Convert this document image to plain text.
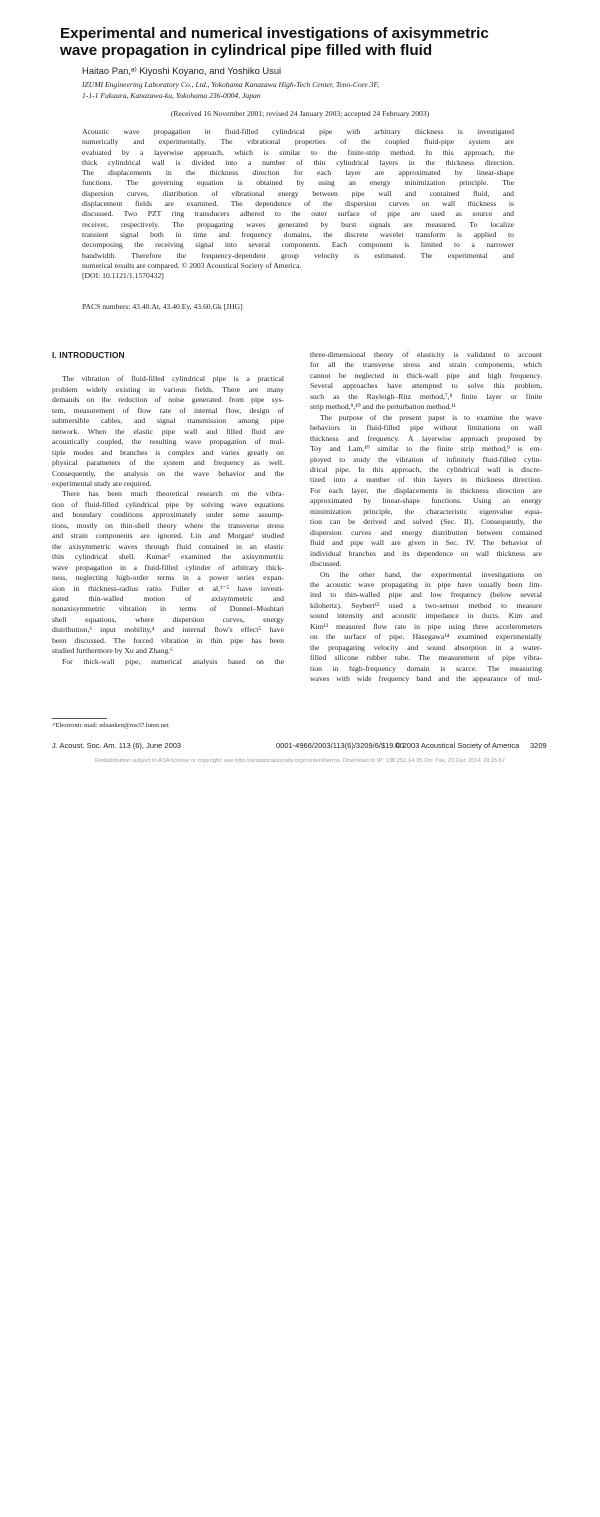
Experimental and numerical investigations of axisymmetric
wave propagation in cylindrical pipe filled with fluid
Haitao Pan,ᵃ⁾ Kiyoshi Koyano, and Yoshiko Usui
IZUMI Engineering Laboratory Co., Ltd., Yokohama Kanazawa High-Tech Center, Teno-Core 3F,
1-1-1 Fukuura, Kanazawa-ku, Yokohama 236-0004, Japan
(Received 16 November 2001; revised 24 January 2003; accepted 24 February 2003)
Acoustic wave propagation in fluid-filled cylindrical pipe with arbitrary thickness is investigated
numerically and experimentally. The vibrational properties of the coupled fluid-pipe system are
evaluated by a layerwise approach, which is similar to the finite-strip method. In this approach, the
thick cylindrical wall is divided into a number of thin cylindrical layers in the thickness direction.
The displacements in the thickness direction for each layer are approximated by linear-shape
functions. The governing equation is obtained by using an energy minimization principle. The
dispersion curves, distribution of vibrational energy between pipe wall and contained fluid, and
displacement fields are examined. The dependence of the dispersion curves on wall thickness is
discussed. Two PZT ring transducers adhered to the outer surface of pipe are used as source and
receiver, respectively. The propagating waves generated by burst signals are measured. To localize
transient signal both in time and frequency domains, the discrete wavelet transform is applied to
decomposing the receiving signal into several components. Each component is limited to a narrower
bandwidth. Therefore the frequency-dependent group velocity is estimated. The experimental and
numerical results are compared. © 2003 Acoustical Society of America.
[DOI: 10.1121/1.1570432]
PACS numbers: 43.40.At, 43.40.Ey, 43.60.Gk [JHG]
I. INTRODUCTION
The vibration of fluid-filled cylindrical pipe is a practical
problem widely existing in various fields. There are many
demands on the reduction of noise generated from pipe sys-
tem, measurement of flow rate of internal flow, design of
submersible cables, and signal transmission among pipe
network. When the elastic pipe wall and filled fluid are
acoustically coupled, the resulting wave propagation of mul-
tiple modes and branches is complex and varies greatly on
physical parameters of the system and frequency as well.
Consequently, the analysis on the wave behavior and the
experimental study are required.
There has been much theoretical research on the vibra-
tion of fluid-filled cylindrical pipe by solving wave equations
and boundary conditions approximately under some assump-
tions, mostly on thin-shell theory where the transverse stress
and strain components are ignored. Lin and Morgan¹ studied
the axisymmetric waves through fluid contained in an elastic
thin cylindrical shell. Kumar² examined the axisymmetric
wave propagation in a fluid-filled cylinder of arbitrary thick-
ness, neglecting high-order terms in a power series expan-
sion in thickness-radius ratio. Fuller et al.³⁻⁵ have investi-
gated thin-walled motion of axisymmetric and
nonaxisymmetric vibration in terms of Donnel–Mushtari
shell equations, where dispersion curves, energy
distribution,³ input mobility,⁴ and internal flow's effect⁵ have
been discussed. The forced vibration in thin pipe has been
studied furthermore by Xu and Zhang.⁶
For thick-wall pipe, numerical analysis based on the
three-dimensional theory of elasticity is validated to account
for all the transverse stress and strain components, which
cannot be neglected in thick-wall pipe and high frequency.
Several approaches have attempted to solve this problem,
such as the Rayleigh–Ritz method,⁷,⁸ finite layer or finite
strip method,⁹,¹⁰ and the perturbation method.¹¹
The purpose of the present paper is to examine the wave
behaviors in fluid-filled pipe without limitations on wall
thickness and frequency. A layerwise approach proposed by
Toy and Lam,¹⁰ similar to the finite strip method,⁹ is em-
ployed to study the vibration of infinitely fluid-filled cylin-
drical pipe. In this approach, the cylindrical wall is discre-
tized into a number of thin layers in thickness direction.
For each layer, the displacements in thickness direction are
approximated by linear-shape functions. Using an energy
minimization principle, the characteristic eigenvalue equa-
tion can be derived and solved (Sec. II). Consequently, the
dispersion curves and energy distribution between contained
fluid and pipe wall are given in Sec. IV. The behavior of
individual branches and its dependence on wall thickness are
discussed.
On the other hand, the experimental investigations on
the acoustic wave propagating in pipe have usually been lim-
ited to thin-walled pipe and low frequency (below several
kilohertz). Seybert¹² used a two-sensor method to measure
sound intensity and acoustic impedance in ducts. Kim and
Kim¹³ measured flow rate in pipe using three accelerometers
on the surface of pipe. Hasegawa¹⁴ examined experimentally
the propagating velocity and sound absorption in a water-
filled silicone rubber tube. The measurement of pipe vibra-
tion in high-frequency domain is scarce. The measuring
waves with wide frequency band and the appearance of mul-
ᵃ⁾Electronic mail: edsanken@ms37.hinet.net
J. Acoust. Soc. Am. 113 (6), June 2003	0001-4966/2003/113(6)/3209/6/$19.00
© 2003 Acoustical Society of America 3209
Redistribution subject to ASA license or copyright; see http://acousticalsociety.org/content/terms. Download to IP: 138.251.14.35 On: Tue, 23 Dec 2014 10:15:57
